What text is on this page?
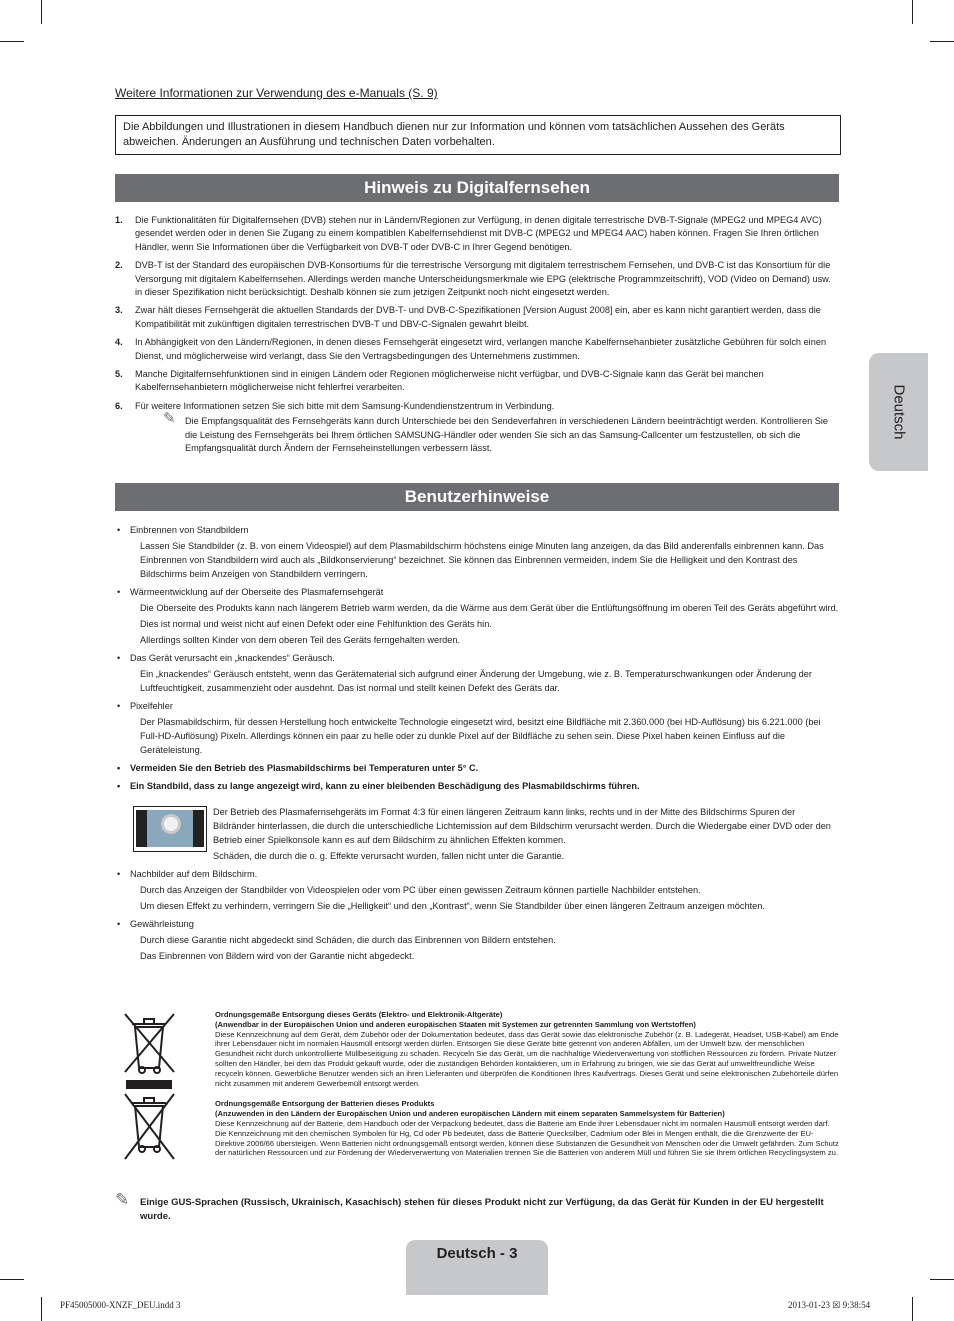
Weitere Informationen zur Verwendung des e-Manuals (S. 9)
Die Abbildungen und Illustrationen in diesem Handbuch dienen nur zur Information und können vom tatsächlichen Aussehen des Geräts abweichen. Änderungen an Ausführung und technischen Daten vorbehalten.
Hinweis zu Digitalfernsehen
1. Die Funktionalitäten für Digitalfernsehen (DVB) stehen nur in Ländern/Regionen zur Verfügung, in denen digitale terrestrische DVB-T-Signale (MPEG2 und MPEG4 AVC) gesendet werden oder in denen Sie Zugang zu einem kompatiblen Kabelfernsehdienst mit DVB-C (MPEG2 und MPEG4 AAC) haben können. Fragen Sie Ihren örtlichen Händler, wenn Sie Informationen über die Verfügbarkeit von DVB-T oder DVB-C in Ihrer Gegend benötigen.
2. DVB-T ist der Standard des europäischen DVB-Konsortiums für die terrestrische Versorgung mit digitalem terrestrischem Fernsehen, und DVB-C ist das Konsortium für die Versorgung mit digitalem Kabelfernsehen. Allerdings werden manche Unterscheidungsmerkmale wie EPG (elektrische Programmzeitschrift), VOD (Video on Demand) usw. in dieser Spezifikation nicht berücksichtigt. Deshalb können sie zum jetzigen Zeitpunkt noch nicht eingesetzt werden.
3. Zwar hält dieses Fernsehgerät die aktuellen Standards der DVB-T- und DVB-C-Spezifikationen [Version August 2008] ein, aber es kann nicht garantiert werden, dass die Kompatibilität mit zukünftigen digitalen terrestrischen DVB-T und DBV-C-Signalen gewahrt bleibt.
4. In Abhängigkeit von den Ländern/Regionen, in denen dieses Fernsehgerät eingesetzt wird, verlangen manche Kabelfernsehanbieter zusätzliche Gebühren für solch einen Dienst, und möglicherweise wird verlangt, dass Sie den Vertragsbedingungen des Unternehmens zustimmen.
5. Manche Digitalfernsehfunktionen sind in einigen Ländern oder Regionen möglicherweise nicht verfügbar, und DVB-C-Signale kann das Gerät bei manchen Kabelfernsehanbietern möglicherweise nicht fehlerfrei verarbeiten.
6. Für weitere Informationen setzen Sie sich bitte mit dem Samsung-Kundendienstzentrum in Verbindung.
✎ Die Empfangsqualität des Fernsehgeräts kann durch Unterschiede bei den Sendeverfahren in verschiedenen Ländern beeinträchtigt werden. Kontrollieren Sie die Leistung des Fernsehgeräts bei Ihrem örtlichen SAMSUNG-Händler oder wenden Sie sich an das Samsung-Callcenter um festzustellen, ob sich die Empfangsqualität durch Ändern der Fernseheinstellungen verbessern lässt.
Benutzerhinweise
• Einbrennen von Standbildern

Lassen Sie Standbilder (z. B. von einem Videospiel) auf dem Plasmabildschirm höchstens einige Minuten lang anzeigen, da das Bild anderenfalls einbrennen kann. Das Einbrennen von Standbildern wird auch als „Bildkonservierung“ bezeichnet. Sie können das Einbrennen vermeiden, indem Sie die Helligkeit und den Kontrast des Bildschirms beim Anzeigen von Standbildern verringern.

• Wärmeentwicklung auf der Oberseite des Plasmafernsehgerät

Die Oberseite des Produkts kann nach längerem Betrieb warm werden, da die Wärme aus dem Gerät über die Entlüftungsöffnung im oberen Teil des Geräts abgeführt wird.

Dies ist normal und weist nicht auf einen Defekt oder eine Fehlfunktion des Geräts hin.

Allerdings sollten Kinder von dem oberen Teil des Geräts ferngehalten werden.

• Das Gerät verursacht ein „knackendes“ Geräusch.

Ein „knackendes“ Geräusch entsteht, wenn das Gerätematerial sich aufgrund einer Änderung der Umgebung, wie z. B. Temperaturschwankungen oder Änderung der Luftfeuchtigkeit, zusammenzieht oder ausdehnt. Das ist normal und stellt keinen Defekt des Geräts dar.

• Pixelfehler

Der Plasmabildschirm, für dessen Herstellung hoch entwickelte Technologie eingesetzt wird, besitzt eine Bildfläche mit 2.360.000 (bei HD-Auflösung) bis 6.221.000 (bei Full-HD-Auflösung) Pixeln. Allerdings können ein paar zu helle oder zu dunkle Pixel auf der Bildfläche zu sehen sein. Diese Pixel haben keinen Einfluss auf die Geräteleistung.

• Vermeiden Sie den Betrieb des Plasmabildschirms bei Temperaturen unter 5° C.
• Ein Standbild, dass zu lange angezeigt wird, kann zu einer bleibenden Beschädigung des Plasmabildschirms führen.

Der Betrieb des Plasmafernsehgeräts im Format 4:3 für einen längeren Zeitraum kann links, rechts und in der Mitte des Bildschirms Spuren der Bildränder hinterlassen, die durch die unterschiedliche Lichtemission auf dem Bildschirm verursacht werden. Durch die Wiedergabe einer DVD oder den Betrieb einer Spielkonsole kann es auf dem Bildschirm zu ähnlichen Effekten kommen.

Schäden, die durch die o. g. Effekte verursacht wurden, fallen nicht unter die Garantie.

• Nachbilder auf dem Bildschirm.

Durch das Anzeigen der Standbilder von Videospielen oder vom PC über einen gewissen Zeitraum können partielle Nachbilder entstehen.

Um diesen Effekt zu verhindern, verringern Sie die „Helligkeit“ und den „Kontrast“, wenn Sie Standbilder über einen längeren Zeitraum anzeigen möchten.

• Gewährleistung

Durch diese Garantie nicht abgedeckt sind Schäden, die durch das Einbrennen von Bildern entstehen.

Das Einbrennen von Bildern wird von der Garantie nicht abgedeckt.

Ordnungsgemäße Entsorgung dieses Geräts (Elektro- und Elektronik-Altgeräte)
(Anwendbar in der Europäischen Union und anderen europäischen Staaten mit Systemen zur getrennten Sammlung von Wertstoffen)
Diese Kennzeichnung auf dem Gerät, dem Zubehör oder der Dokumentation bedeutet, dass das Gerät sowie das elektronische Zubehör (z. B. Ladegerät, Headset, USB-Kabel) am Ende ihrer Lebensdauer nicht im normalen Hausmüll entsorgt werden dürfen. Entsorgen Sie diese Geräte bitte getrennt von anderen Abfällen, um der Umwelt bzw. der menschlichen Gesundheit nicht durch unkontrollierte Müllbeseitigung zu schaden. Recyceln Sie das Gerät, um die nachhaltige Wiederverwertung von stofflichen Ressourcen zu fördern. Private Nutzer sollten den Händler, bei dem das Produkt gekauft wurde, oder die zuständigen Behörden kontaktieren, um in Erfahrung zu bringen, wie sie das Gerät auf umweltfreundliche Weise recyceln können. Gewerbliche Benutzer wenden sich an ihren Lieferanten und überprüfen die Konditionen Ihres Kaufvertrags. Dieses Gerät und seine elektronischen Zubehörteile dürfen nicht zusammen mit anderem Gewerbemüll entsorgt werden.
Ordnungsgemäße Entsorgung der Batterien dieses Produkts
(Anzuwenden in den Ländern der Europäischen Union und anderen europäischen Ländern mit einem separaten Sammelsystem für Batterien)
Diese Kennzeichnung auf der Batterie, dem Handbuch oder der Verpackung bedeutet, dass die Batterie am Ende ihrer Lebensdauer nicht im normalen Hausmüll entsorgt werden darf. Die Kennzeichnung mit den chemischen Symbolen für Hg, Cd oder Pb bedeutet, dass die Batterie Quecksilber, Cadmium oder Blei in Mengen enthält, die die Grenzwerte der EU-Direktive 2006/66 übersteigen. Wenn Batterien nicht ordnungsgemäß entsorgt werden, können diese Substanzen die Gesundheit von Menschen oder die Umwelt gefährden. Zum Schutz der natürlichen Ressourcen und zur Förderung der Wiederverwertung von Materialien trennen Sie die Batterien von anderem Müll und führen Sie sie Ihrem örtlichen Recyclingsystem zu.
✎ Einige GUS-Sprachen (Russisch, Ukrainisch, Kasachisch) stehen für dieses Produkt nicht zur Verfügung, da das Gerät für Kunden in der EU hergestellt wurde.
Deutsch
Deutsch - 3
PF45005000-XNZF_DEU.indd 3	2013-01-23 ☒ 9:38:54
